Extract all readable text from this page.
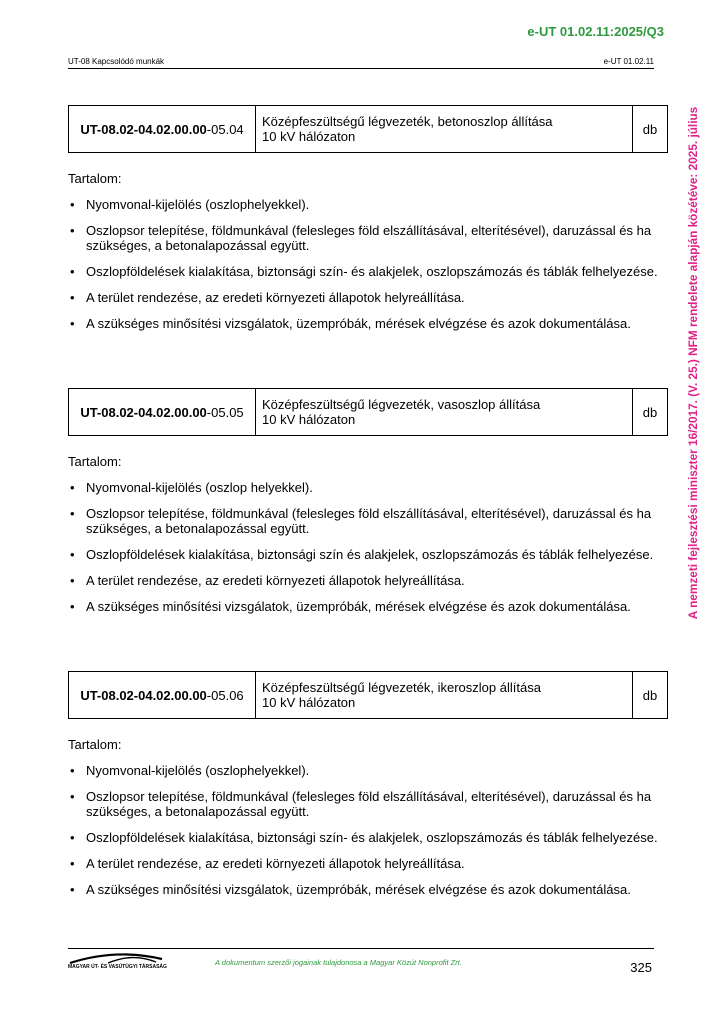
e-UT 01.02.11:2025/Q3
UT-08 Kapcsolódó munkák	e-UT 01.02.11
A nemzeti fejlesztési miniszter 16/2017. (V. 25.) NFM rendelete alapján közétéve: 2025. július
UT-08.02-04.02.00.00-05.04	Középfeszültségű légvezeték, betonoszlop állítása
10 kV hálózaton	db

Tartalom:

• Nyomvonal-kijelölés (oszlophelyekkel).
• Oszlopsor telepítése, földmunkával (felesleges föld elszállításával, elterítésével), daruzással és ha szükséges, a betonalapozással együtt.
• Oszlopföldelések kialakítása, biztonsági szín- és alakjelek, oszlopszámozás és táblák felhelyezése.
• A terület rendezése, az eredeti környezeti állapotok helyreállítása.
• A szükséges minősítési vizsgálatok, üzempróbák, mérések elvégzése és azok dokumentálása.
UT-08.02-04.02.00.00-05.05	Középfeszültségű légvezeték, vasoszlop állítása
10 kV hálózaton	db

Tartalom:

• Nyomvonal-kijelölés (oszlop helyekkel).
• Oszlopsor telepítése, földmunkával (felesleges föld elszállításával, elterítésével), daruzással és ha szükséges, a betonalapozással együtt.
• Oszlopföldelések kialakítása, biztonsági szín és alakjelek, oszlopszámozás és táblák felhelyezése.
• A terület rendezése, az eredeti környezeti állapotok helyreállítása.
• A szükséges minősítési vizsgálatok, üzempróbák, mérések elvégzése és azok dokumentálása.
UT-08.02-04.02.00.00-05.06	Középfeszültségű légvezeték, ikeroszlop állítása
10 kV hálózaton	db

Tartalom:

• Nyomvonal-kijelölés (oszlophelyekkel).
• Oszlopsor telepítése, földmunkával (felesleges föld elszállításával, elterítésével), daruzással és ha szükséges, a betonalapozással együtt.
• Oszlopföldelések kialakítása, biztonsági szín- és alakjelek, oszlopszámozás és táblák felhelyezése.
• A terület rendezése, az eredeti környezeti állapotok helyreállítása.
• A szükséges minősítési vizsgálatok, üzempróbák, mérések elvégzése és azok dokumentálása.
MAGYAR ÚT- ÉS VASÚTÜGYI TÁRSASÁG	A dokumentum szerzői jogainak tulajdonosa a Magyar Közút Nonprofit Zrt.	325
